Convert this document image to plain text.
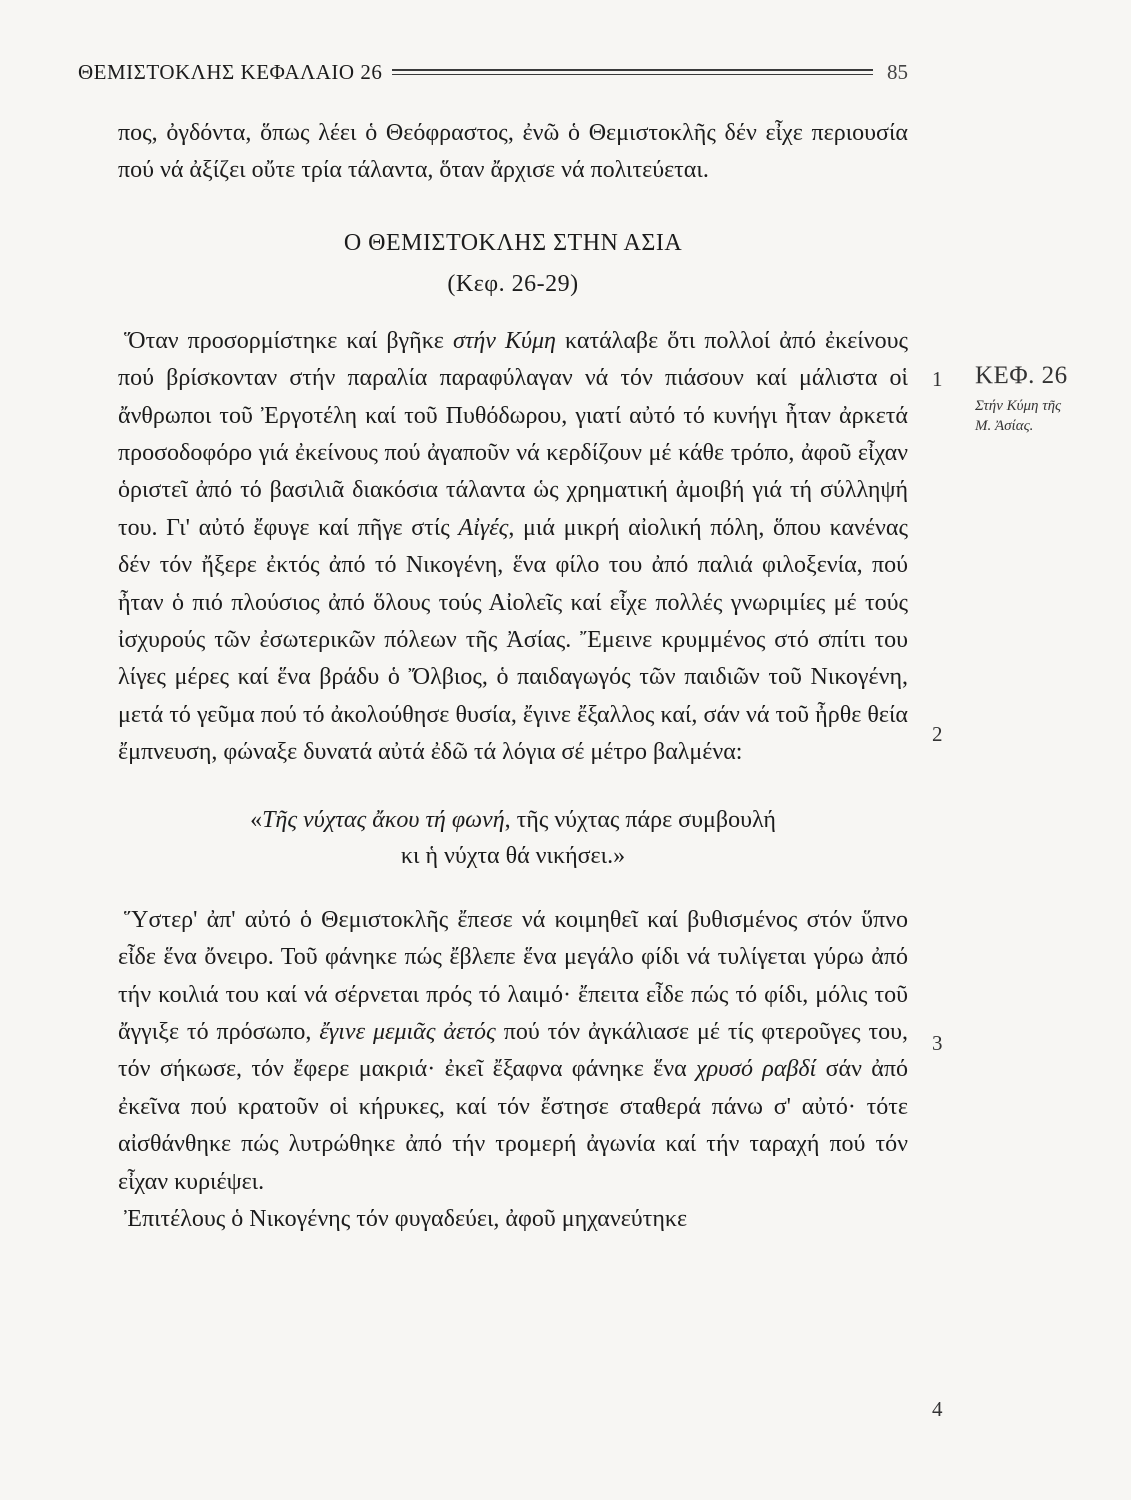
ΘΕΜΙΣΤΟΚΛΗΣ ΚΕΦΑΛΑΙΟ 26	85

πος, ὀγδόντα, ὅπως λέει ὁ Θεόφραστος, ἐνῶ ὁ Θεμιστοκλῆς δέν εἶχε περιουσία πού νά ἀξίζει οὔτε τρία τάλαντα, ὅταν ἄρχισε νά πολιτεύεται.

Ο ΘΕΜΙΣΤΟΚΛΗΣ ΣΤΗΝ ΑΣΙΑ
(Κεφ. 26-29)

Ὅταν προσορμίστηκε καί βγῆκε στήν Κύμη κατάλαβε ὅτι πολλοί ἀπό ἐκείνους πού βρίσκονταν στήν παραλία παραφύλαγαν νά τόν πιάσουν καί μάλιστα οἱ ἄνθρωποι τοῦ Ἐργοτέλη καί τοῦ Πυθόδωρου, γιατί αὐτό τό κυνήγι ἦταν ἀρκετά προσοδοφόρο γιά ἐκείνους πού ἀγαποῦν νά κερδίζουν μέ κάθε τρόπο, ἀφοῦ εἶχαν ὁριστεῖ ἀπό τό βασιλιᾶ διακόσια τάλαντα ὡς χρηματική ἀμοιβή γιά τή σύλληψή του. Γι' αὐτό ἔφυγε καί πῆγε στίς Αἰγές, μιά μικρή αἰολική πόλη, ὅπου κανένας δέν τόν ἤξερε ἐκτός ἀπό τό Νικογένη, ἕνα φίλο του ἀπό παλιά φιλοξενία, πού ἦταν ὁ πιό πλούσιος ἀπό ὅλους τούς Αἰολεῖς καί εἶχε πολλές γνωριμίες μέ τούς ἰσχυρούς τῶν ἐσωτερικῶν πόλεων τῆς Ἀσίας. Ἔμεινε κρυμμένος στό σπίτι του λίγες μέρες καί ἕνα βράδυ ὁ Ὄλβιος, ὁ παιδαγωγός τῶν παιδιῶν τοῦ Νικογένη, μετά τό γεῦμα πού τό ἀκολούθησε θυσία, ἔγινε ἔξαλλος καί, σάν νά τοῦ ἦρθε θεία ἔμπνευση, φώναξε δυνατά αὐτά ἐδῶ τά λόγια σέ μέτρο βαλμένα:

«Τῆς νύχτας ἄκου τή φωνή, τῆς νύχτας πάρε συμβουλή
κι ἡ νύχτα θά νικήσει.»

Ὕστερ' ἀπ' αὐτό ὁ Θεμιστοκλῆς ἔπεσε νά κοιμηθεῖ καί βυθισμένος στόν ὕπνο εἶδε ἕνα ὄνειρο. Τοῦ φάνηκε πώς ἔβλεπε ἕνα μεγάλο φίδι νά τυλίγεται γύρω ἀπό τήν κοιλιά του καί νά σέρνεται πρός τό λαιμό· ἔπειτα εἶδε πώς τό φίδι, μόλις τοῦ ἄγγιξε τό πρόσωπο, ἔγινε μεμιᾶς ἀετός πού τόν ἀγκάλιασε μέ τίς φτεροῦγες του, τόν σήκωσε, τόν ἔφερε μακριά· ἐκεῖ ἔξαφνα φάνηκε ἕνα χρυσό ραβδί σάν ἀπό ἐκεῖνα πού κρατοῦν οἱ κήρυκες, καί τόν ἔστησε σταθερά πάνω σ' αὐτό· τότε αἰσθάνθηκε πώς λυτρώθηκε ἀπό τήν τρομερή ἀγωνία καί τήν ταραχή πού τόν εἶχαν κυριέψει.

Ἐπιτέλους ὁ Νικογένης τόν φυγαδεύει, ἀφοῦ μηχανεύτηκε

1
2
3
4
ΚΕΦ. 26
Στήν Κύμη τῆς
Μ. Ἀσίας.
